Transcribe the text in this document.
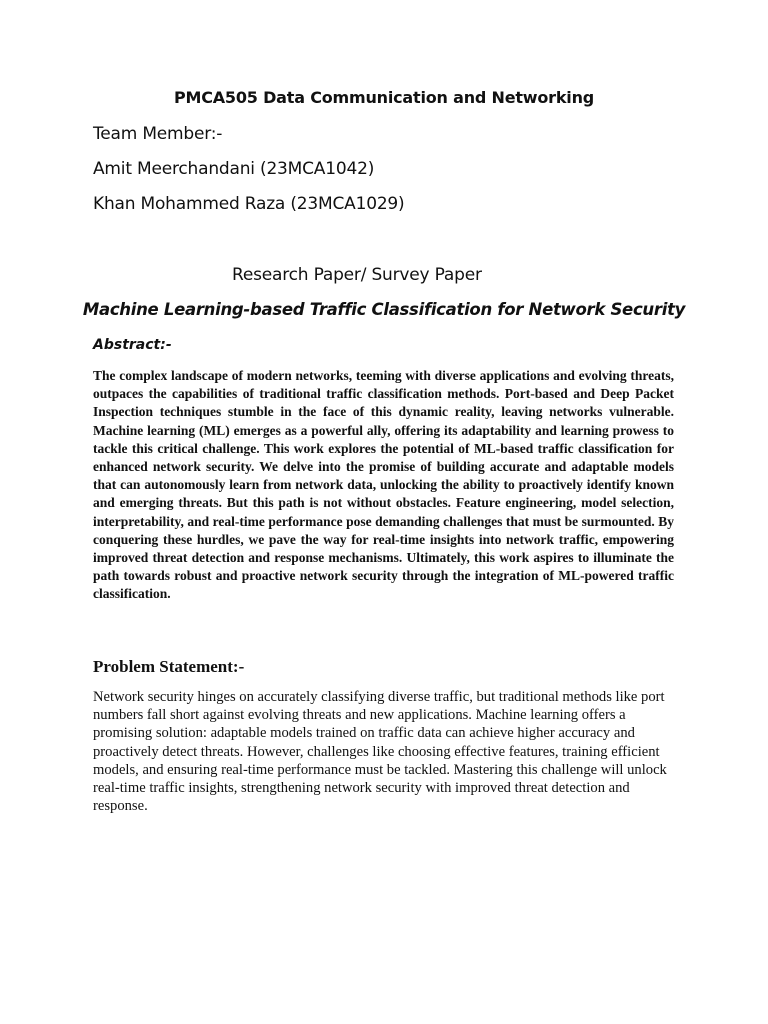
PMCA505 Data Communication and Networking
Team Member:-
Amit Meerchandani (23MCA1042)
Khan Mohammed Raza (23MCA1029)
Research Paper/ Survey Paper
Machine Learning-based Traffic Classification for Network Security
Abstract:-

The complex landscape of modern networks, teeming with diverse applications and evolving threats, outpaces the capabilities of traditional traffic classification methods. Port-based and Deep Packet Inspection techniques stumble in the face of this dynamic reality, leaving networks vulnerable. Machine learning (ML) emerges as a powerful ally, offering its adaptability and learning prowess to tackle this critical challenge. This work explores the potential of ML-based traffic classification for enhanced network security. We delve into the promise of building accurate and adaptable models that can autonomously learn from network data, unlocking the ability to proactively identify known and emerging threats. But this path is not without obstacles. Feature engineering, model selection, interpretability, and real-time performance pose demanding challenges that must be surmounted. By conquering these hurdles, we pave the way for real-time insights into network traffic, empowering improved threat detection and response mechanisms. Ultimately, this work aspires to illuminate the path towards robust and proactive network security through the integration of ML-powered traffic classification.

Problem Statement:-

Network security hinges on accurately classifying diverse traffic, but traditional methods like port numbers fall short against evolving threats and new applications. Machine learning offers a promising solution: adaptable models trained on traffic data can achieve higher accuracy and proactively detect threats. However, challenges like choosing effective features, training efficient models, and ensuring real-time performance must be tackled. Mastering this challenge will unlock real-time traffic insights, strengthening network security with improved threat detection and response.
